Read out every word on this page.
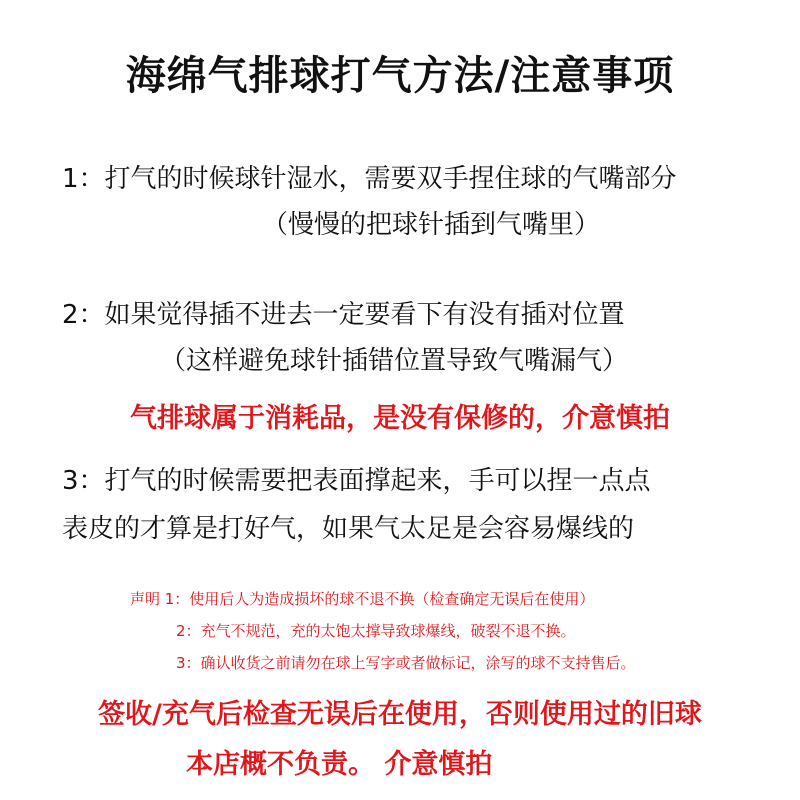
海绵气排球打气方法/注意事项
1：打气的时候球针湿水，需要双手捏住球的气嘴部分
（慢慢的把球针插到气嘴里）
2：如果觉得插不进去一定要看下有没有插对位置
（这样避免球针插错位置导致气嘴漏气）
气排球属于消耗品，是没有保修的，介意慎拍
3：打气的时候需要把表面撑起来，手可以捏一点点
表皮的才算是打好气，如果气太足是会容易爆线的
声明 1：使用后人为造成损坏的球不退不换（检查确定无误后在使用）
2：充气不规范，充的太饱太撑导致球爆线，破裂不退不换。
3：确认收货之前请勿在球上写字或者做标记，涂写的球不支持售后。
签收/充气后检查无误后在使用，否则使用过的旧球
本店概不负责。 介意慎拍
